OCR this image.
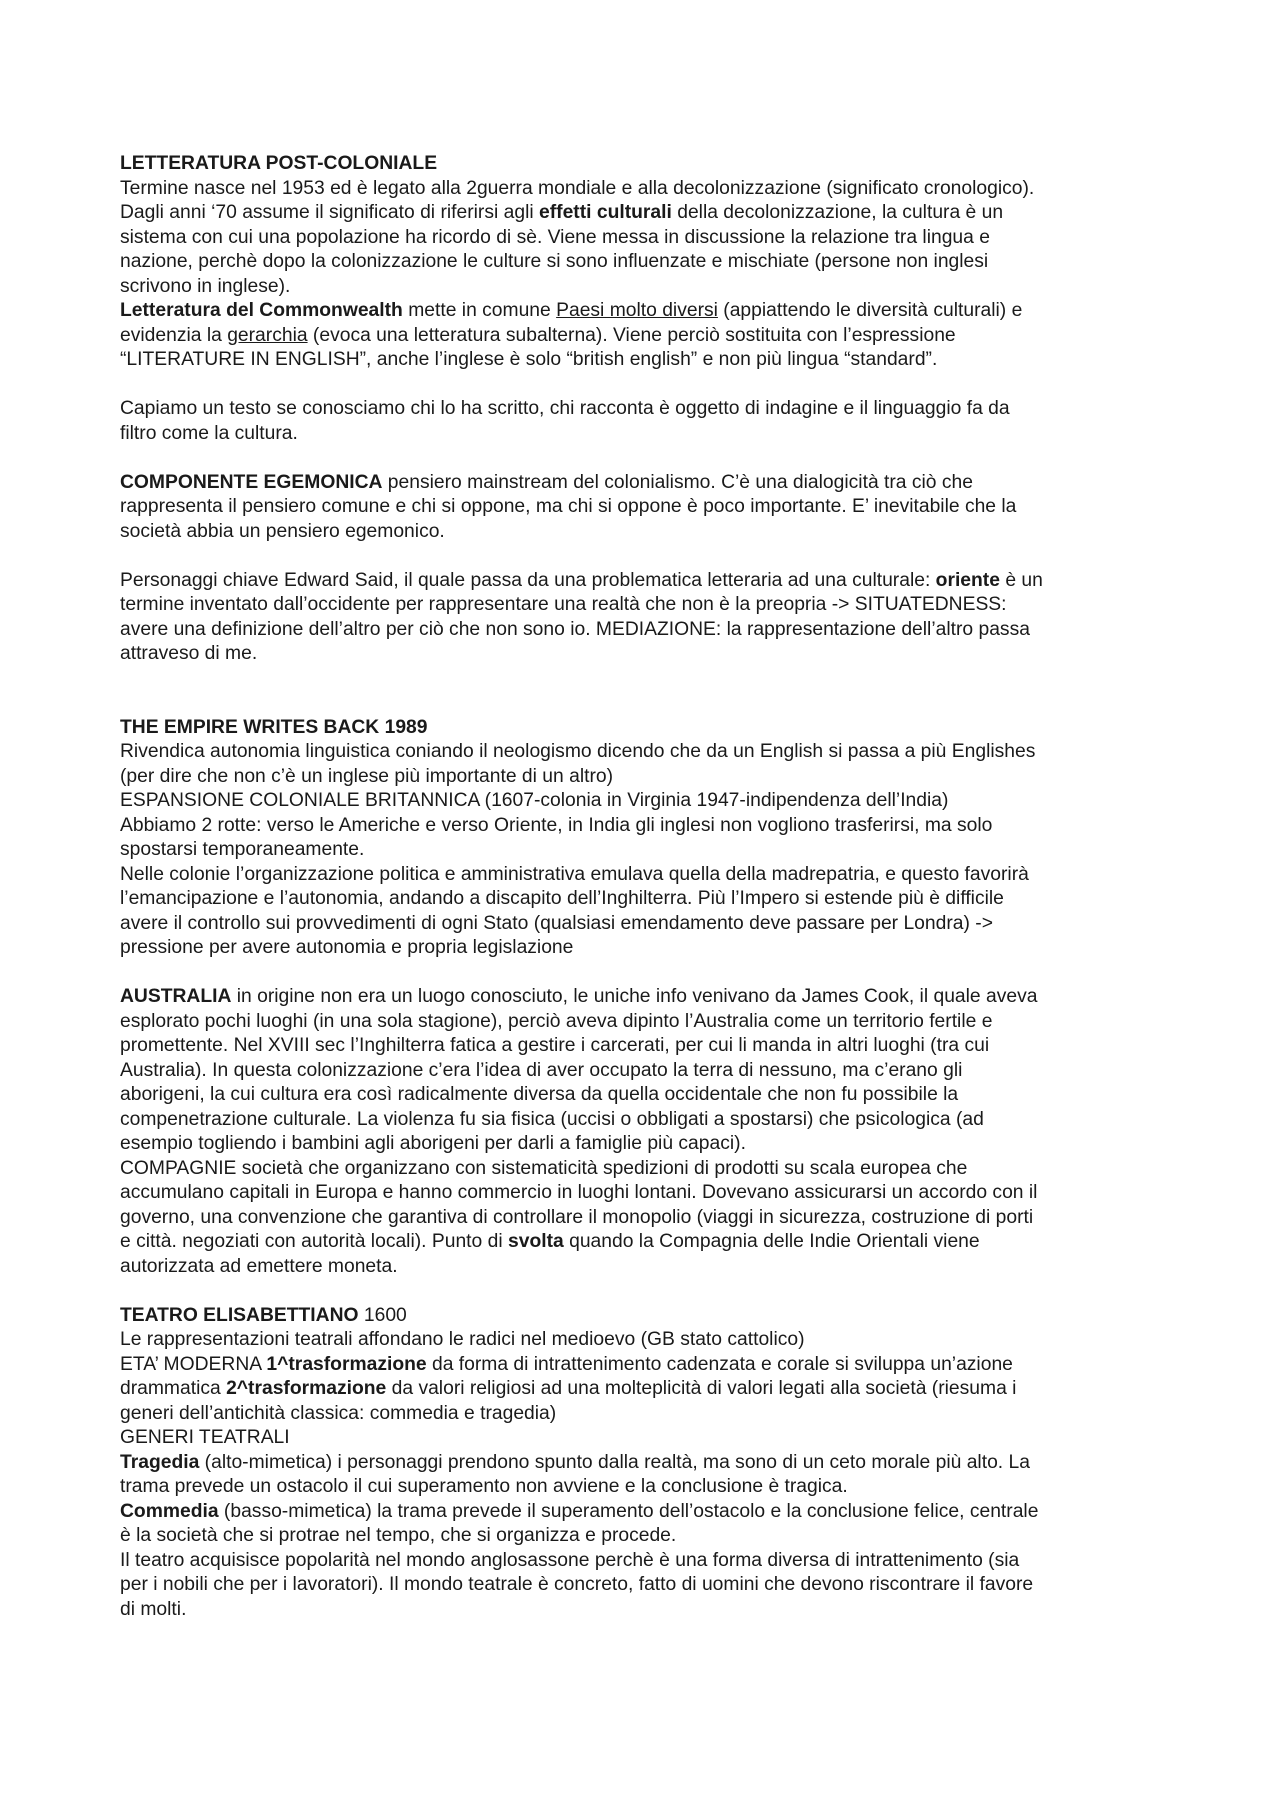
LETTERATURA POST-COLONIALE
Termine nasce nel 1953 ed è legato alla 2guerra mondiale e alla decolonizzazione (significato cronologico).
Dagli anni ‘70 assume il significato di riferirsi agli effetti culturali della decolonizzazione, la cultura è un
sistema con cui una popolazione ha ricordo di sè. Viene messa in discussione la relazione tra lingua e
nazione, perchè dopo la colonizzazione le culture si sono influenzate e mischiate (persone non inglesi
scrivono in inglese).
Letteratura del Commonwealth mette in comune Paesi molto diversi (appiattendo le diversità culturali) e
evidenzia la gerarchia (evoca una letteratura subalterna). Viene perciò sostituita con l’espressione
“LITERATURE IN ENGLISH”, anche l’inglese è solo “british english” e non più lingua “standard”.
Capiamo un testo se conosciamo chi lo ha scritto, chi racconta è oggetto di indagine e il linguaggio fa da
filtro come la cultura.
COMPONENTE EGEMONICA pensiero mainstream del colonialismo. C’è una dialogicità tra ciò che
rappresenta il pensiero comune e chi si oppone, ma chi si oppone è poco importante. E’ inevitabile che la
società abbia un pensiero egemonico.
Personaggi chiave Edward Said, il quale passa da una problematica letteraria ad una culturale: oriente è un
termine inventato dall’occidente per rappresentare una realtà che non è la preopria -> SITUATEDNESS:
avere una definizione dell’altro per ciò che non sono io. MEDIAZIONE: la rappresentazione dell’altro passa
attraveso di me.
THE EMPIRE WRITES BACK 1989
Rivendica autonomia linguistica coniando il neologismo dicendo che da un English si passa a più Englishes
(per dire che non c’è un inglese più importante di un altro)
ESPANSIONE COLONIALE BRITANNICA (1607-colonia in Virginia 1947-indipendenza dell’India)
Abbiamo 2 rotte: verso le Americhe e verso Oriente, in India gli inglesi non vogliono trasferirsi, ma solo
spostarsi temporaneamente.
Nelle colonie l’organizzazione politica e amministrativa emulava quella della madrepatria, e questo favorirà
l’emancipazione e l’autonomia, andando a discapito dell’Inghilterra. Più l’Impero si estende più è difficile
avere il controllo sui provvedimenti di ogni Stato (qualsiasi emendamento deve passare per Londra) ->
pressione per avere autonomia e propria legislazione
AUSTRALIA in origine non era un luogo conosciuto, le uniche info venivano da James Cook, il quale aveva
esplorato pochi luoghi (in una sola stagione), perciò aveva dipinto l’Australia come un territorio fertile e
promettente. Nel XVIII sec l’Inghilterra fatica a gestire i carcerati, per cui li manda in altri luoghi (tra cui
Australia). In questa colonizzazione c’era l’idea di aver occupato la terra di nessuno, ma c’erano gli
aborigeni, la cui cultura era così radicalmente diversa da quella occidentale che non fu possibile la
compenetrazione culturale. La violenza fu sia fisica (uccisi o obbligati a spostarsi) che psicologica (ad
esempio togliendo i bambini agli aborigeni per darli a famiglie più capaci).
COMPAGNIE società che organizzano con sistematicità spedizioni di prodotti su scala europea che
accumulano capitali in Europa e hanno commercio in luoghi lontani. Dovevano assicurarsi un accordo con il
governo, una convenzione che garantiva di controllare il monopolio (viaggi in sicurezza, costruzione di porti
e città. negoziati con autorità locali). Punto di svolta quando la Compagnia delle Indie Orientali viene
autorizzata ad emettere moneta.
TEATRO ELISABETTIANO 1600
Le rappresentazioni teatrali affondano le radici nel medioevo (GB stato cattolico)
ETA’ MODERNA 1^trasformazione da forma di intrattenimento cadenzata e corale si sviluppa un’azione
drammatica 2^trasformazione da valori religiosi ad una molteplicità di valori legati alla società (riesuma i
generi dell’antichità classica: commedia e tragedia)
GENERI TEATRALI
Tragedia (alto-mimetica) i personaggi prendono spunto dalla realtà, ma sono di un ceto morale più alto. La
trama prevede un ostacolo il cui superamento non avviene e la conclusione è tragica.
Commedia (basso-mimetica) la trama prevede il superamento dell’ostacolo e la conclusione felice, centrale
è la società che si protrae nel tempo, che si organizza e procede.
Il teatro acquisisce popolarità nel mondo anglosassone perchè è una forma diversa di intrattenimento (sia
per i nobili che per i lavoratori). Il mondo teatrale è concreto, fatto di uomini che devono riscontrare il favore
di molti.
